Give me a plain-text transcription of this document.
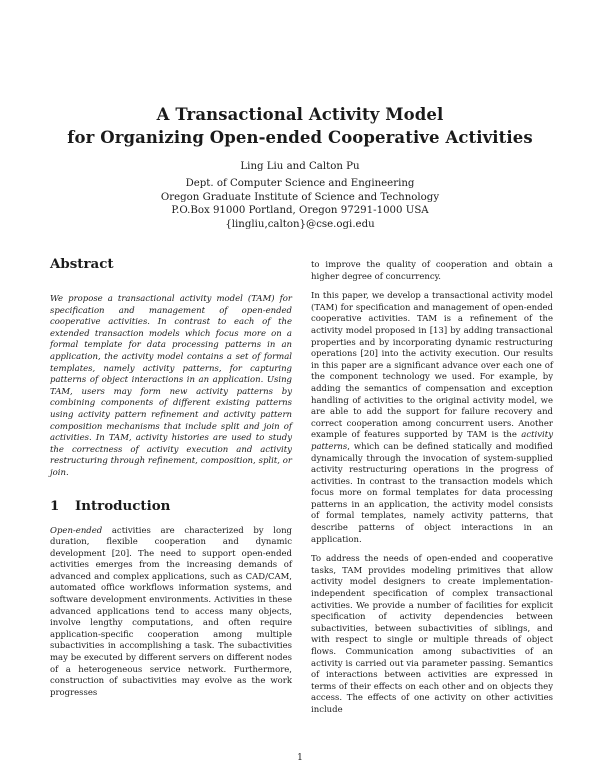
A Transactional Activity Model
for Organizing Open-ended Cooperative Activities
Ling Liu and Calton Pu
Dept. of Computer Science and Engineering
Oregon Graduate Institute of Science and Technology
P.O.Box 91000 Portland, Oregon 97291-1000 USA
{lingliu,calton}@cse.ogi.edu
Abstract

We propose a transactional activity model (TAM) for specification and management of open-ended cooperative activities. In contrast to each of the extended transaction models which focus more on a formal template for data processing patterns in an application, the activity model contains a set of formal templates, namely activity patterns, for capturing patterns of object interactions in an application. Using TAM, users may form new activity patterns by combining components of different existing patterns using activity pattern refinement and activity pattern composition mechanisms that include split and join of activities. In TAM, activity histories are used to study the correctness of activity execution and activity restructuring through refinement, composition, split, or join.

1 Introduction

Open-ended activities are characterized by long duration, flexible cooperation and dynamic development [20]. The need to support open-ended activities emerges from the increasing demands of advanced and complex applications, such as CAD/CAM, automated office workflows information systems, and software development environments. Activities in these advanced applications tend to access many objects, involve lengthy computations, and often require application-specific cooperation among multiple subactivities in accomplishing a task. The subactivities may be executed by different servers on different nodes of a heterogeneous service network. Furthermore, construction of subactivities may evolve as the work progresses

to improve the quality of cooperation and obtain a higher degree of concurrency.

In this paper, we develop a transactional activity model (TAM) for specification and management of open-ended cooperative activities. TAM is a refinement of the activity model proposed in [13] by adding transactional properties and by incorporating dynamic restructuring operations [20] into the activity execution. Our results in this paper are a significant advance over each one of the component technology we used. For example, by adding the semantics of compensation and exception handling of activities to the original activity model, we are able to add the support for failure recovery and correct cooperation among concurrent users. Another example of features supported by TAM is the activity patterns, which can be defined statically and modified dynamically through the invocation of system-supplied activity restructuring operations in the progress of activities. In contrast to the transaction models which focus more on formal templates for data processing patterns in an application, the activity model consists of formal templates, namely activity patterns, that describe patterns of object interactions in an application.

To address the needs of open-ended and cooperative tasks, TAM provides modeling primitives that allow activity model designers to create implementation-independent specification of complex transactional activities. We provide a number of facilities for explicit specification of activity dependencies between subactivities, between subactivities of siblings, and with respect to single or multiple threads of object flows. Communication among subactivities of an activity is carried out via parameter passing. Semantics of interactions between activities are expressed in terms of their effects on each other and on objects they access. The effects of one activity on other activities include

1
